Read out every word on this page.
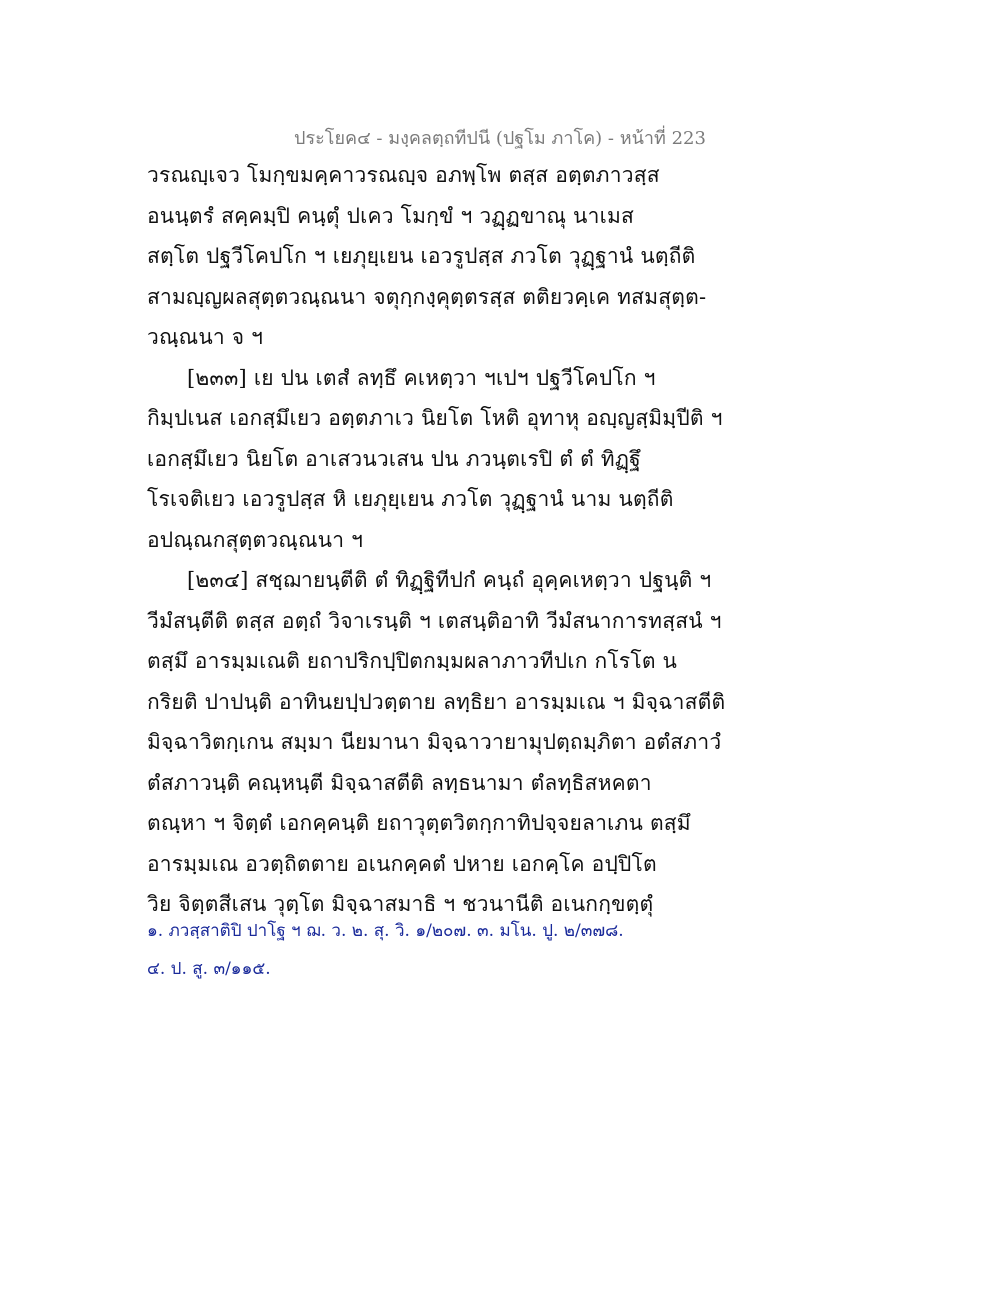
ประโยค๔ - มงฺคลตฺถทีปนี (ปฐโม ภาโค) - หน้าที่ 223
วรณญฺเจว โมกฺขมคฺคาวรณญฺจ อภพฺโพ ตสฺส อตฺตภาวสฺส
อนนฺตรํ สคฺคมฺปิ คนฺตุํ ปเคว โมกฺขํ ฯ วฏฺฏขาณุ นาเมส
สตฺโต ปฐวีโคปโก ฯ เยภุยฺเยน เอวรูปสฺส ภวโต วุฏฺฐานํ นตฺถีติ
สามญฺญผลสุตฺตวณฺณนา จตุกฺกงฺคุตฺตรสฺส ตติยวคฺเค ทสมสุตฺต-
วณฺณนา จ ฯ
[๒๓๓] เย ปน เตสํ ลทฺธึ คเหตฺวา ฯเปฯ ปฐวีโคปโก ฯ
กิมฺปเนส เอกสฺมึเยว อตฺตภาเว นิยโต โหติ อุทาหุ อญฺญสฺมิมฺปีติ ฯ
เอกสฺมึเยว นิยโต อาเสวนวเสน ปน ภวนฺตเรปิ ตํ ตํ ทิฏฺฐึ
โรเจติเยว เอวรูปสฺส หิ เยภุยฺเยน ภวโต วุฏฺฐานํ นาม นตฺถีติ
อปณฺณกสุตฺตวณฺณนา ฯ
[๒๓๔] สชฺฌายนฺตีติ ตํ ทิฏฺฐิทีปกํ คนฺถํ อุคฺคเหตฺวา ปฐนฺติ ฯ
วีมํสนฺตีติ ตสฺส อตฺถํ วิจาเรนฺติ ฯ เตสนฺติอาทิ วีมํสนาการทสฺสนํ ฯ
ตสฺมึ อารมฺมเณติ ยถาปริกปฺปิตกมฺมผลาภาวทีปเก กโรโต น
กริยติ ปาปนฺติ อาทินยปฺปวตฺตาย ลทฺธิยา อารมฺมเณ ฯ มิจฺฉาสตีติ
มิจฺฉาวิตกฺเกน สมฺมา นียมานา มิจฺฉาวายามุปตฺถมฺภิตา อตํสภาวํ
ตํสภาวนฺติ คณฺหนฺตี มิจฺฉาสตีติ ลทฺธนามา ตํลทฺธิสหคตา
ตณฺหา ฯ จิตฺตํ เอกคฺคนฺติ ยถาวุตฺตวิตกฺกาทิปจฺจยลาเภน ตสฺมึ
อารมฺมเณ อวตฺถิตตาย อเนกคฺคตํ ปหาย เอกคฺโค อปฺปิโต
วิย จิตฺตสีเสน วุตฺโต มิจฺฉาสมาธิ ฯ ชวนานีติ อเนกกฺขตฺตุํ
๑. ภวสฺสาติปิ ปาโฐ ฯ ฌ. ว. ๒. สุ. วิ. ๑/๒๐๗. ๓. มโน. ปู. ๒/๓๗๘.
๔. ป. สู. ๓/๑๑๕.
